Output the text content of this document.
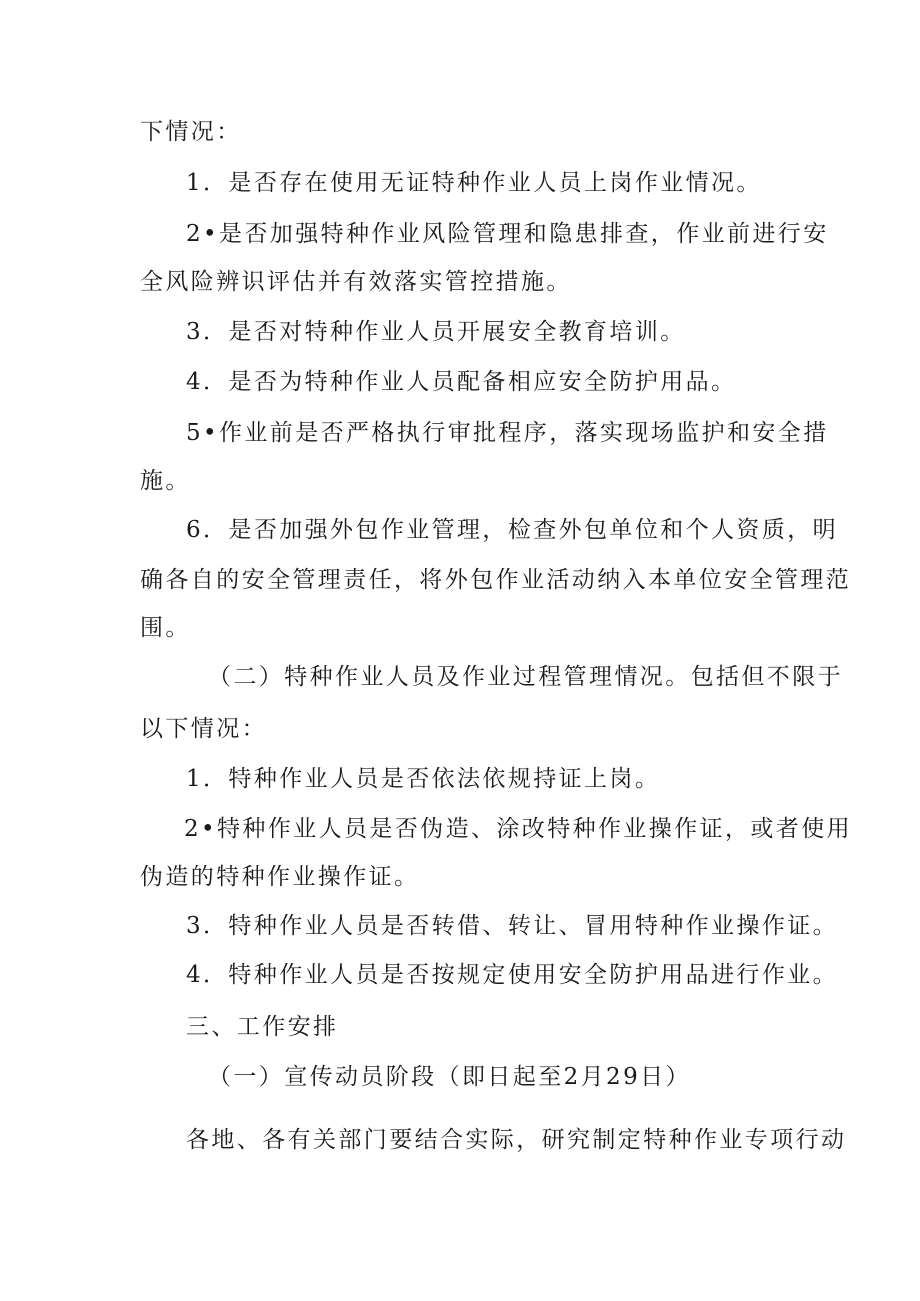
下情况：
1．是否存在使用无证特种作业人员上岗作业情况。
2•是否加强特种作业风险管理和隐患排查，作业前进行安
全风险辨识评估并有效落实管控措施。
3．是否对特种作业人员开展安全教育培训。
4．是否为特种作业人员配备相应安全防护用品。
5•作业前是否严格执行审批程序，落实现场监护和安全措
施。
6．是否加强外包作业管理，检查外包单位和个人资质，明
确各自的安全管理责任，将外包作业活动纳入本单位安全管理范
围。
（二）特种作业人员及作业过程管理情况。包括但不限于
以下情况：
1．特种作业人员是否依法依规持证上岗。
2•特种作业人员是否伪造、涂改特种作业操作证，或者使用
伪造的特种作业操作证。
3．特种作业人员是否转借、转让、冒用特种作业操作证。
4．特种作业人员是否按规定使用安全防护用品进行作业。
三、工作安排
（一）宣传动员阶段（即日起至2月29日）
各地、各有关部门要结合实际，研究制定特种作业专项行动
